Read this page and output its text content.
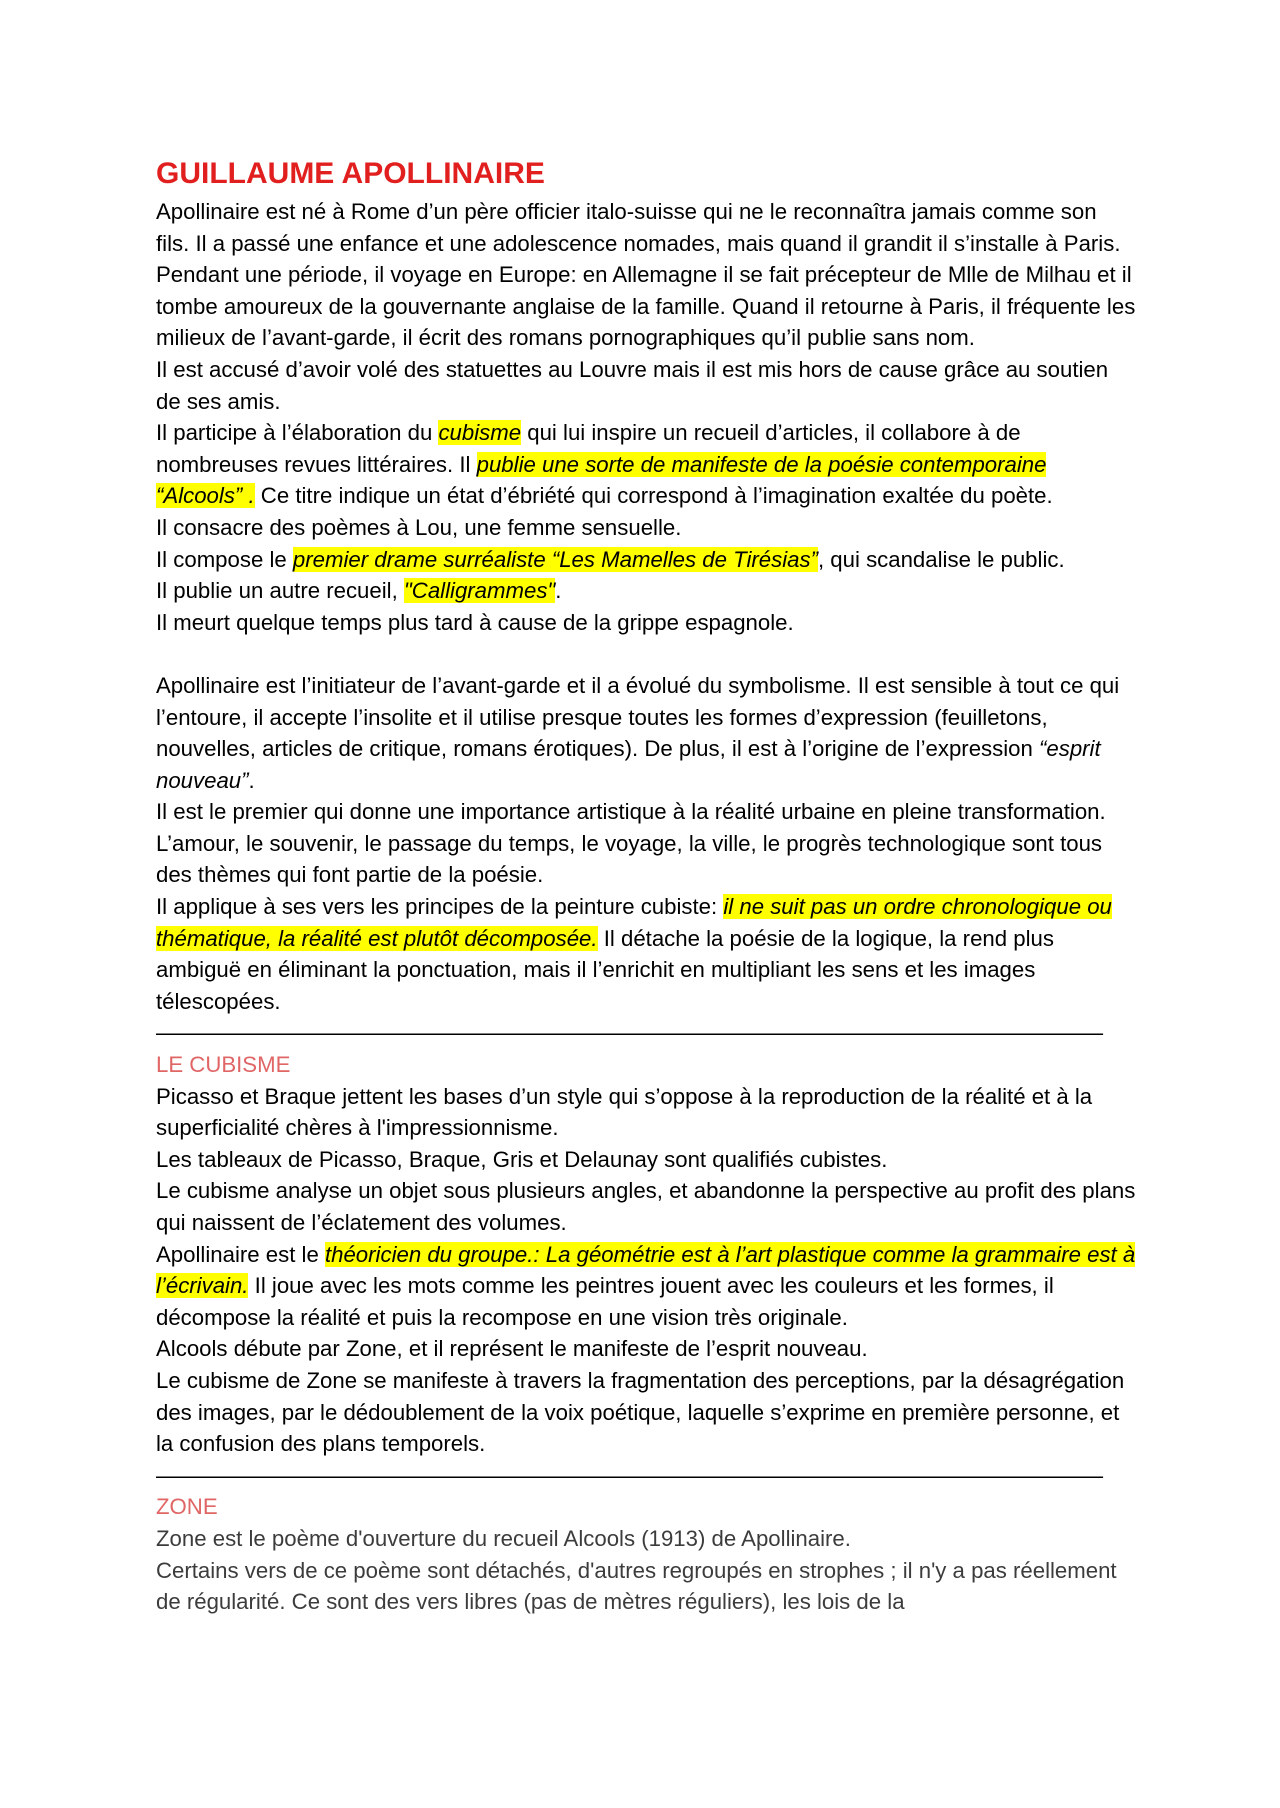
GUILLAUME APOLLINAIRE

Apollinaire est né à Rome d’un père officier italo-suisse qui ne le reconnaîtra jamais comme son fils. Il a passé une enfance et une adolescence nomades, mais quand il grandit il s’installe à Paris. Pendant une période, il voyage en Europe: en Allemagne il se fait précepteur de Mlle de Milhau et il tombe amoureux de la gouvernante anglaise de la famille. Quand il retourne à Paris, il fréquente les milieux de l’avant-garde, il écrit des romans pornographiques qu’il publie sans nom.

Il est accusé d’avoir volé des statuettes au Louvre mais il est mis hors de cause grâce au soutien de ses amis.

Il participe à l’élaboration du cubisme qui lui inspire un recueil d’articles, il collabore à de nombreuses revues littéraires. Il publie une sorte de manifeste de la poésie contemporaine “Alcools” . Ce titre indique un état d’ébriété qui correspond à l’imagination exaltée du poète.

Il consacre des poèmes à Lou, une femme sensuelle.

Il compose le premier drame surréaliste “Les Mamelles de Tirésias”, qui scandalise le public.

Il publie un autre recueil, "Calligrammes".

Il meurt quelque temps plus tard à cause de la grippe espagnole.

Apollinaire est l’initiateur de l’avant-garde et il a évolué du symbolisme. Il est sensible à tout ce qui l’entoure, il accepte l’insolite et il utilise presque toutes les formes d’expression (feuilletons, nouvelles, articles de critique, romans érotiques). De plus, il est à l’origine de l’expression “esprit nouveau”.

Il est le premier qui donne une importance artistique à la réalité urbaine en pleine transformation. L’amour, le souvenir, le passage du temps, le voyage, la ville, le progrès technologique sont tous des thèmes qui font partie de la poésie.

Il applique à ses vers les principes de la peinture cubiste: il ne suit pas un ordre chronologique ou thématique, la réalité est plutôt décomposée. Il détache la poésie de la logique, la rend plus ambiguë en éliminant la ponctuation, mais il l’enrichit en multipliant les sens et les images télescopées.

––––––––––––––––––––––––––––––––––––––––––––––––––––––––––––––––––––––––––––––––––––––––––––––––
LE CUBISME

Picasso et Braque jettent les bases d’un style qui s’oppose à la reproduction de la réalité et à la superficialité chères à l'impressionnisme.

Les tableaux de Picasso, Braque, Gris et Delaunay sont qualifiés cubistes.

Le cubisme analyse un objet sous plusieurs angles, et abandonne la perspective au profit des plans qui naissent de l’éclatement des volumes.

Apollinaire est le théoricien du groupe.: La géométrie est à l’art plastique comme la grammaire est à l’écrivain. Il joue avec les mots comme les peintres jouent avec les couleurs et les formes, il décompose la réalité et puis la recompose en une vision très originale.

Alcools débute par Zone, et il représent le manifeste de l’esprit nouveau.

Le cubisme de Zone se manifeste à travers la fragmentation des perceptions, par la désagrégation des images, par le dédoublement de la voix poétique, laquelle s’exprime en première personne, et la confusion des plans temporels.

––––––––––––––––––––––––––––––––––––––––––––––––––––––––––––––––––––––––––––––––––––––––––––––––
ZONE

Zone est le poème d'ouverture du recueil Alcools (1913) de Apollinaire.

Certains vers de ce poème sont détachés, d'autres regroupés en strophes ; il n'y a pas réellement de régularité. Ce sont des vers libres (pas de mètres réguliers), les lois de la
